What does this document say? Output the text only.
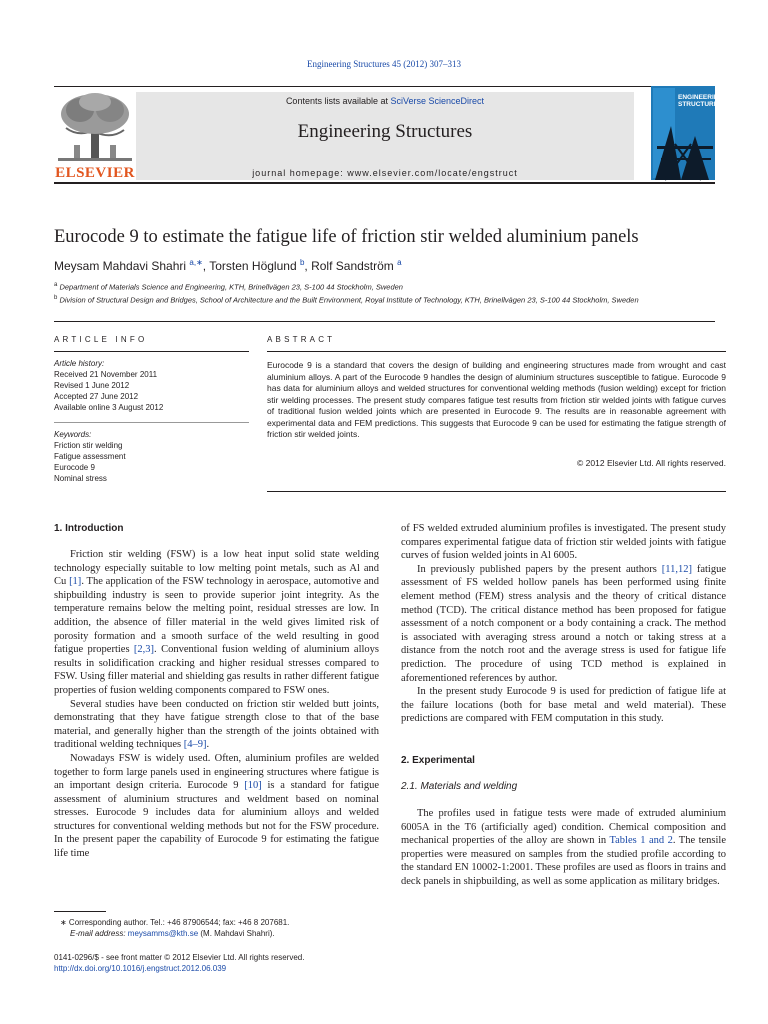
Engineering Structures 45 (2012) 307–313
ELSEVIER
Contents lists available at SciVerse ScienceDirect
Engineering Structures
journal homepage: www.elsevier.com/locate/engstruct
ENGINEERING STRUCTURES
Eurocode 9 to estimate the fatigue life of friction stir welded aluminium panels
Meysam Mahdavi Shahri $^{a,∗}$, Torsten Höglund $^b$, Rolf Sandström $^a$
$^a$ Department of Materials Science and Engineering, KTH, Brinellvägen 23, S-100 44 Stockholm, Sweden
$^b$ Division of Structural Design and Bridges, School of Architecture and the Built Environment, Royal Institute of Technology, KTH, Brinellvägen 23, S-100 44 Stockholm, Sweden
ARTICLE INFO
Article history:
Received 21 November 2011
Revised 1 June 2012
Accepted 27 June 2012
Available online 3 August 2012
Keywords:
Friction stir welding
Fatigue assessment
Eurocode 9
Nominal stress
ABSTRACT
Eurocode 9 is a standard that covers the design of building and engineering structures made from wrought and cast aluminium alloys. A part of the Eurocode 9 handles the design of aluminium structures susceptible to fatigue. Eurocode 9 has data for aluminium alloys and welded structures for conventional welding methods (fusion welding) except for friction stir welding processes. The present study compares fatigue test results from friction stir welded joints with fatigue curves of traditional fusion welded joints which are presented in Eurocode 9. The results are in reasonable agreement with experimental data and FEM predictions. This suggests that Eurocode 9 can be used for estimating the fatigue strength of friction stir welded joints.
© 2012 Elsevier Ltd. All rights reserved.
1. Introduction

Friction stir welding (FSW) is a low heat input solid state welding technology especially suitable to low melting point metals, such as Al and Cu [1]. The application of the FSW technology in aerospace, automotive and shipbuilding industry is seen to provide superior joint integrity. As the temperature remains below the melting point, residual stresses are low. In addition, the absence of filler material in the weld gives limited risk of porosity formation and a smooth surface of the weld resulting in good fatigue properties [2,3]. Conventional fusion welding of aluminium alloys results in solidification cracking and higher residual stresses compared to FSW. Using filler material and shielding gas results in rather different fatigue properties of fusion welding components compared to FSW ones.

Several studies have been conducted on friction stir welded butt joints, demonstrating that they have fatigue strength close to that of the base material, and generally higher than the strength of the joints obtained with traditional welding techniques [4–9].

Nowadays FSW is widely used. Often, aluminium profiles are welded together to form large panels used in engineering structures where fatigue is an important design criteria. Eurocode 9 [10] is a standard for fatigue assessment of aluminium structures and weldment based on nominal stresses. Eurocode 9 includes data for aluminium alloys and welded structures for conventional welding methods but not for the FSW procedure. In the present paper the capability of Eurocode 9 for estimating the fatigue life time

of FS welded extruded aluminium profiles is investigated. The present study compares experimental fatigue data of friction stir welded joints with fatigue curves of fusion welded joints in Al 6005.

In previously published papers by the present authors [11,12] fatigue assessment of FS welded hollow panels has been performed using finite element method (FEM) stress analysis and the theory of critical distance method (TCD). The critical distance method has been proposed for fatigue assessment of a notch component or a body containing a crack. The method is associated with averaging stress around a notch or taking stress at a distance from the notch root and the average stress is used for fatigue life prediction. The procedure of using TCD method is explained in aforementioned references by author.

In the present study Eurocode 9 is used for prediction of fatigue life at the failure locations (both for base metal and weld material). These predictions are compared with FEM computation in this study.

2. Experimental
2.1. Materials and welding

The profiles used in fatigue tests were made of extruded aluminium 6005A in the T6 (artificially aged) condition. Chemical composition and mechanical properties of the alloy are shown in Tables 1 and 2. The tensile properties were measured on samples from the studied profile according to the standard EN 10002-1:2001. These profiles are used as floors in trains and deck panels in shipbuilding, as well as some application as military bridges.

∗ Corresponding author. Tel.: +46 87906544; fax: +46 8 207681.
E-mail address: meysamms@kth.se (M. Mahdavi Shahri).
0141-0296/$ - see front matter © 2012 Elsevier Ltd. All rights reserved.
http://dx.doi.org/10.1016/j.engstruct.2012.06.039
